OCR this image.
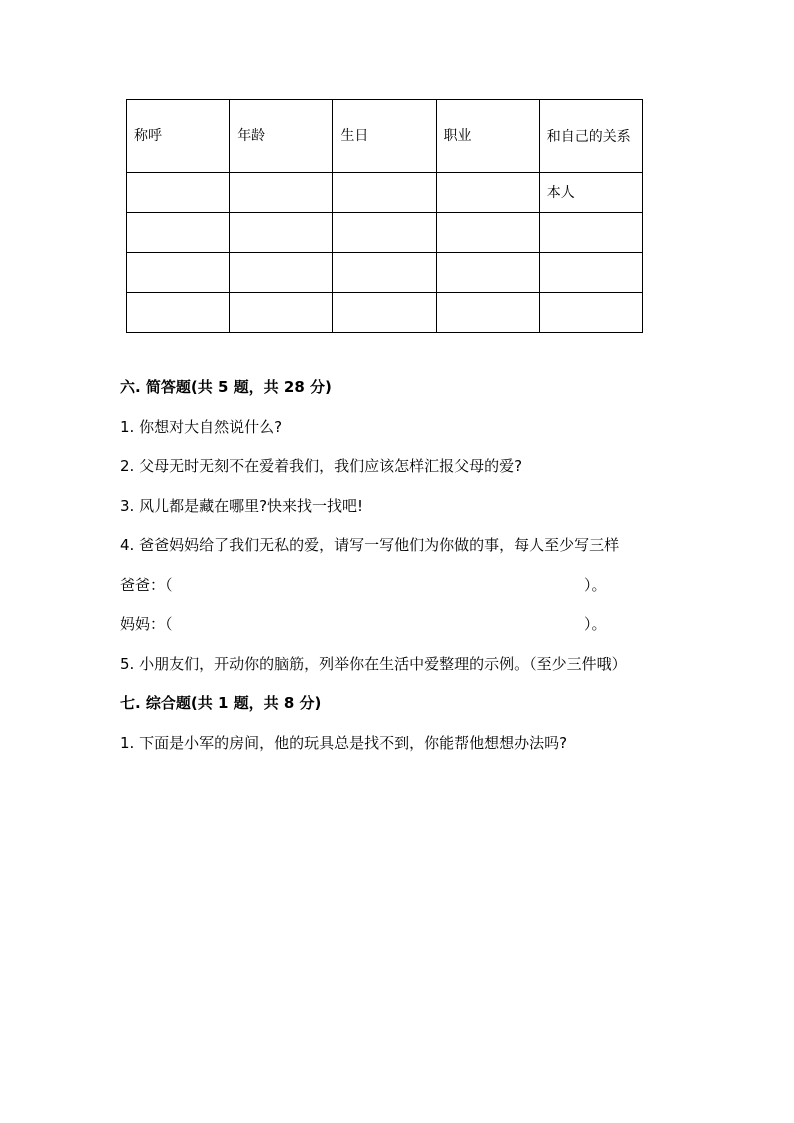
称呼	年龄	生日	职业	和自己的关系
				本人

六. 简答题(共 5 题，共 28 分)
1. 你想对大自然说什么?
2. 父母无时无刻不在爱着我们，我们应该怎样汇报父母的爱?
3. 风儿都是藏在哪里?快来找一找吧!
4. 爸爸妈妈给了我们无私的爱，请写一写他们为你做的事，每人至少写三样
爸爸：（	）。
妈妈：（	）。
5. 小朋友们，开动你的脑筋，列举你在生活中爱整理的示例。（至少三件哦）
七. 综合题(共 1 题，共 8 分)
1. 下面是小军的房间，他的玩具总是找不到，你能帮他想想办法吗?
